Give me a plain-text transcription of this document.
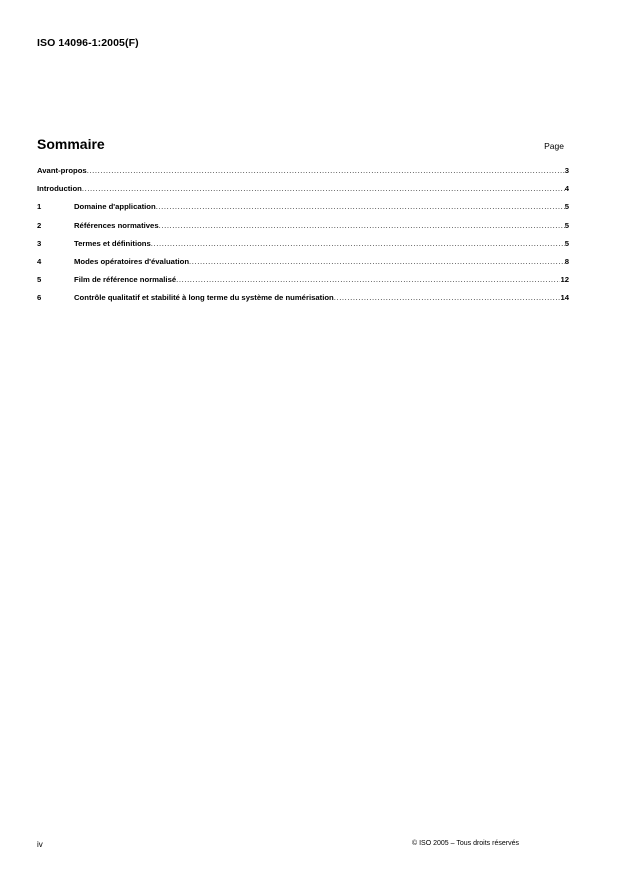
ISO 14096-1:2005(F)
Sommaire	Page
Avant-propos .....	3
Introduction .....	4
1	Domaine d'application .....	5
2	Références normatives .....	5
3	Termes et définitions .....	5
4	Modes opératoires d'évaluation .....	8
5	Film de référence normalisé .....	12
6	Contrôle qualitatif et stabilité à long terme du système de numérisation .....	14
iv	© ISO 2005 – Tous droits réservés
